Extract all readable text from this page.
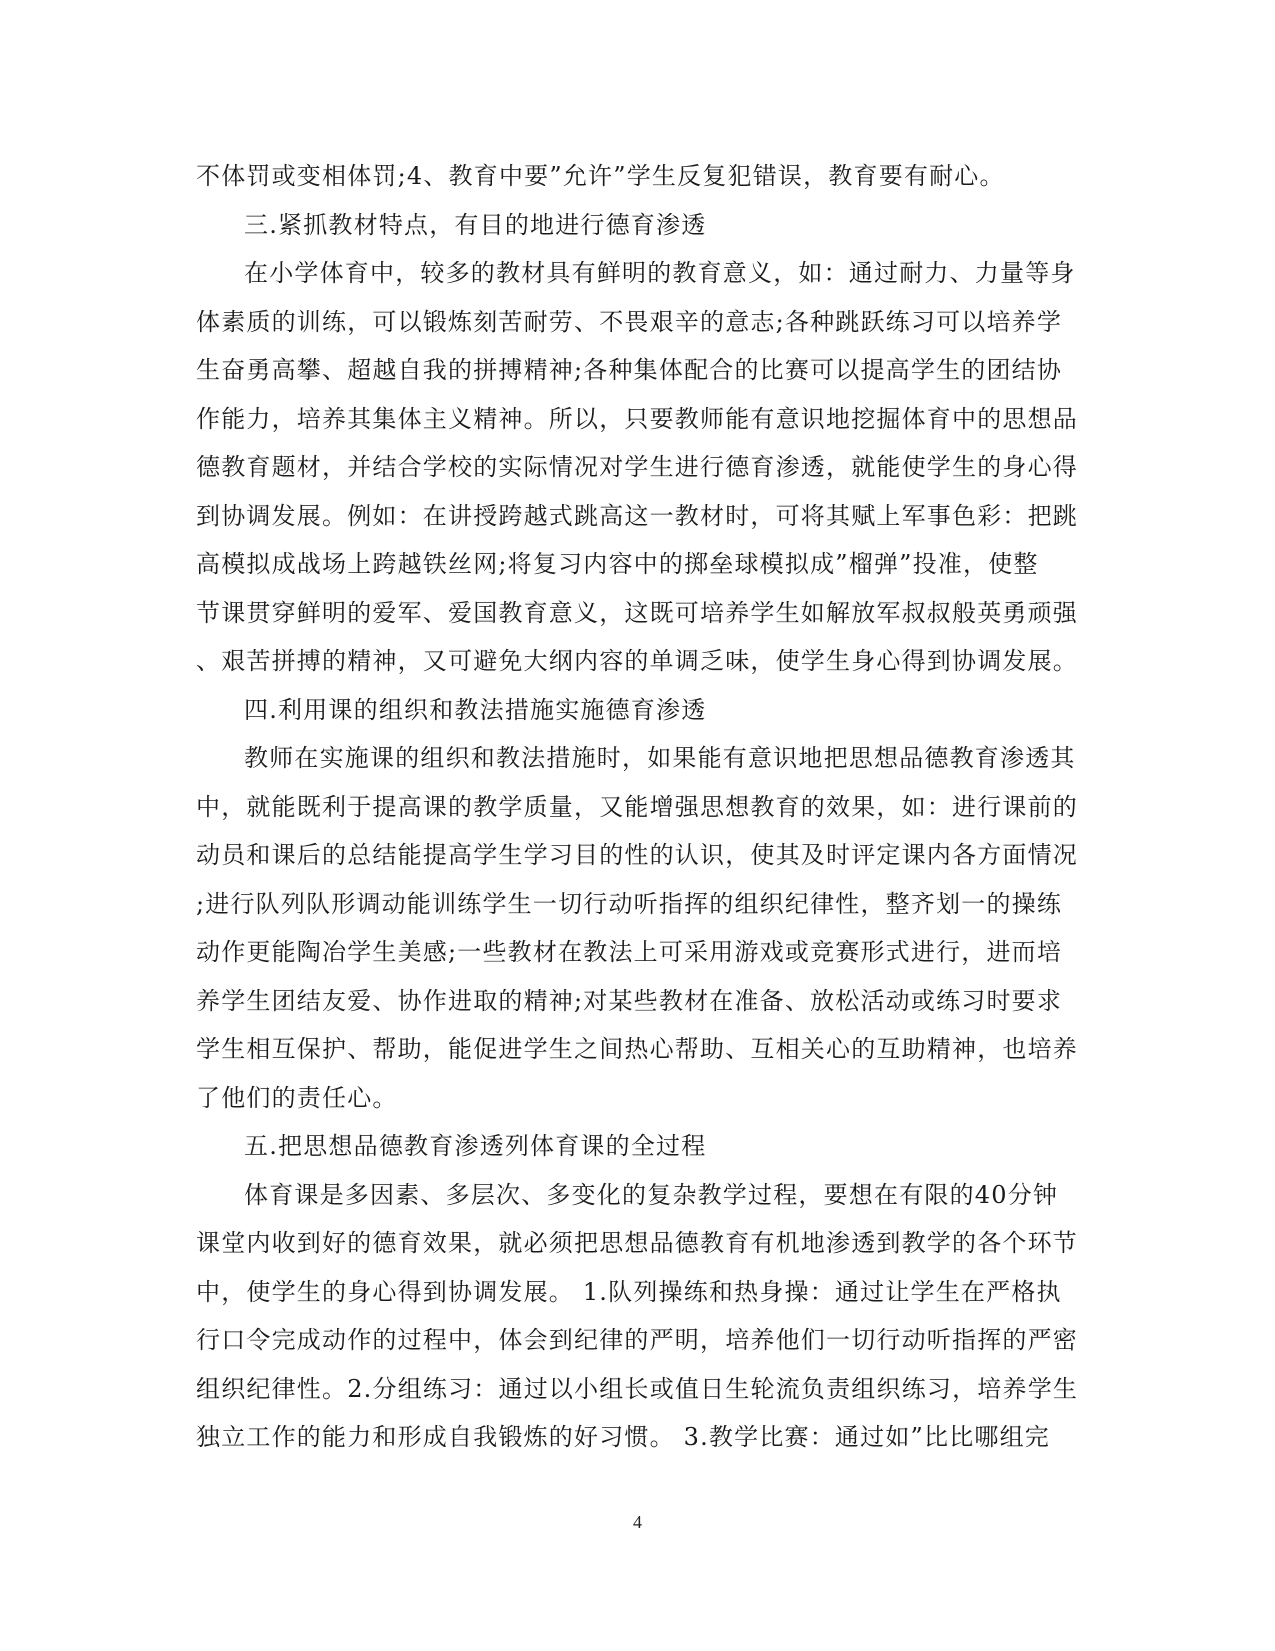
不体罚或变相体罚;4、教育中要”允许”学生反复犯错误，教育要有耐心。
三.紧抓教材特点，有目的地进行德育渗透
在小学体育中，较多的教材具有鲜明的教育意义，如：通过耐力、力量等身
体素质的训练，可以锻炼刻苦耐劳、不畏艰辛的意志;各种跳跃练习可以培养学
生奋勇高攀、超越自我的拼搏精神;各种集体配合的比赛可以提高学生的团结协
作能力，培养其集体主义精神。所以，只要教师能有意识地挖掘体育中的思想品
德教育题材，并结合学校的实际情况对学生进行德育渗透，就能使学生的身心得
到协调发展。例如：在讲授跨越式跳高这一教材时，可将其赋上军事色彩：把跳
高模拟成战场上跨越铁丝网;将复习内容中的掷垒球模拟成”榴弹”投准，使整
节课贯穿鲜明的爱军、爱国教育意义，这既可培养学生如解放军叔叔般英勇顽强
、艰苦拼搏的精神，又可避免大纲内容的单调乏味，使学生身心得到协调发展。
四.利用课的组织和教法措施实施德育渗透
教师在实施课的组织和教法措施时，如果能有意识地把思想品德教育渗透其
中，就能既利于提高课的教学质量，又能增强思想教育的效果，如：进行课前的
动员和课后的总结能提高学生学习目的性的认识，使其及时评定课内各方面情况
;进行队列队形调动能训练学生一切行动听指挥的组织纪律性，整齐划一的操练
动作更能陶冶学生美感;一些教材在教法上可采用游戏或竞赛形式进行，进而培
养学生团结友爱、协作进取的精神;对某些教材在准备、放松活动或练习时要求
学生相互保护、帮助，能促进学生之间热心帮助、互相关心的互助精神，也培养
了他们的责任心。
五.把思想品德教育渗透列体育课的全过程
体育课是多因素、多层次、多变化的复杂教学过程，要想在有限的40分钟
课堂内收到好的德育效果，就必须把思想品德教育有机地渗透到教学的各个环节
中，使学生的身心得到协调发展。 1.队列操练和热身操：通过让学生在严格执
行口令完成动作的过程中，体会到纪律的严明，培养他们一切行动听指挥的严密
组织纪律性。2.分组练习：通过以小组长或值日生轮流负责组织练习，培养学生
独立工作的能力和形成自我锻炼的好习惯。 3.教学比赛：通过如”比比哪组完
4
